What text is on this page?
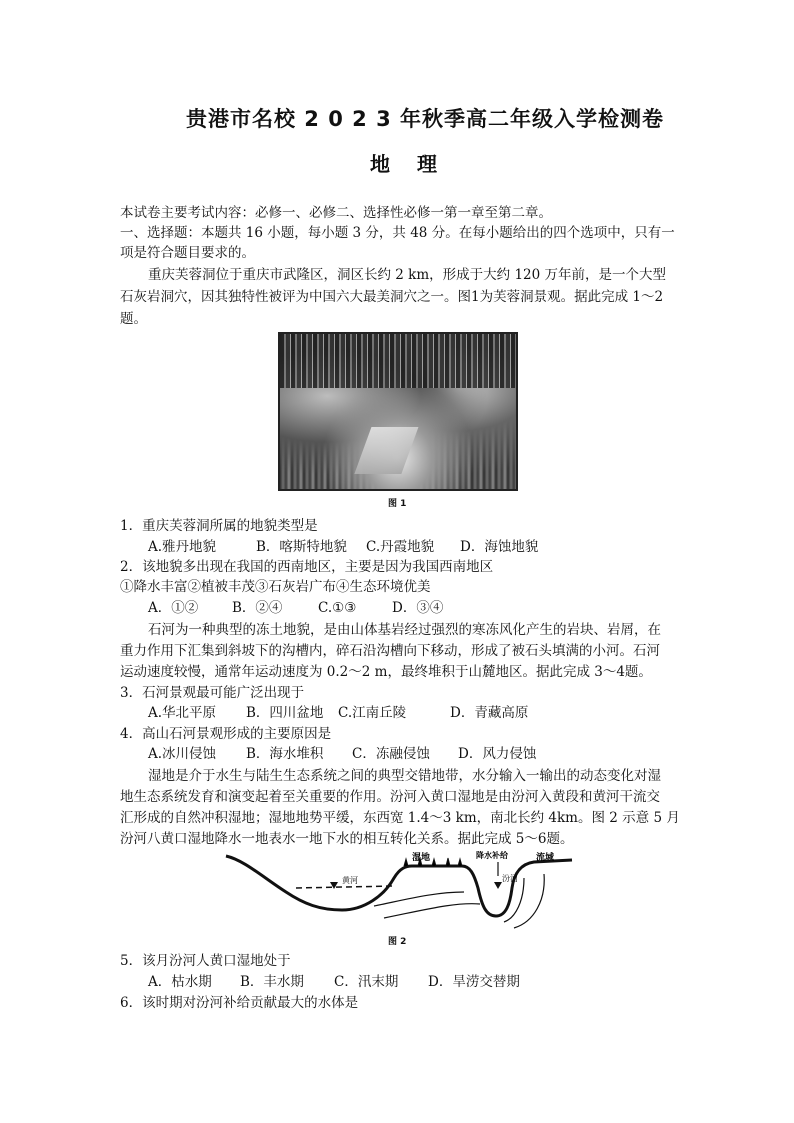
贵港市名校 2 0 2 3 年秋季高二年级入学检测卷
地 理
本试卷主要考试内容：必修一、必修二、选择性必修一第一章至第二章。
一、选择题：本题共 16 小题，每小题 3 分，共 48 分。在每小题给出的四个选项中，只有一
项是符合题目要求的。
重庆芙蓉洞位于重庆市武隆区，洞区长约 2 km，形成于大约 120 万年前，是一个大型
石灰岩洞穴，因其独特性被评为中国六大最美洞穴之一。图1为芙蓉洞景观。据此完成 1～2
题。
图 1
1．重庆芙蓉洞所属的地貌类型是
A.雅丹地貌	B．喀斯特地貌 C.丹霞地貌 D．海蚀地貌
2．该地貌多出现在我国的西南地区，主要是因为我国西南地区
①降水丰富②植被丰茂③石灰岩广布④生态环境优美
A．①②	B．②④	C.①③	D．③④
石河为一种典型的冻土地貌，是由山体基岩经过强烈的寒冻风化产生的岩块、岩屑，在
重力作用下汇集到斜坡下的沟槽内，碎石沿沟槽向下移动，形成了被石头填满的小河。石河
运动速度较慢，通常年运动速度为 0.2～2 m，最终堆积于山麓地区。据此完成 3～4题。
3．石河景观最可能广泛出现于
A.华北平原 B．四川盆地 C.江南丘陵	D．青藏高原
4．高山石河景观形成的主要原因是
A.冰川侵蚀 B．海水堆积 C．冻融侵蚀 D．风力侵蚀
湿地是介于水生与陆生生态系统之间的典型交错地带，水分输入一输出的动态变化对湿
地生态系统发育和演变起着至关重要的作用。汾河入黄口湿地是由汾河入黄段和黄河干流交
汇形成的自然冲积湿地；湿地地势平缓，东西宽 1.4～3 km，南北长约 4km。图 2 示意 5 月
汾河八黄口湿地降水一地表水一地下水的相互转化关系。据此完成 5～6题。
湿地	降水补给	流域
黄河	汾河
图 2
5．该月汾河人黄口湿地处于
A．枯水期 B．丰水期 C．汛末期 D．旱涝交替期
6．该时期对汾河补给贡献最大的水体是
